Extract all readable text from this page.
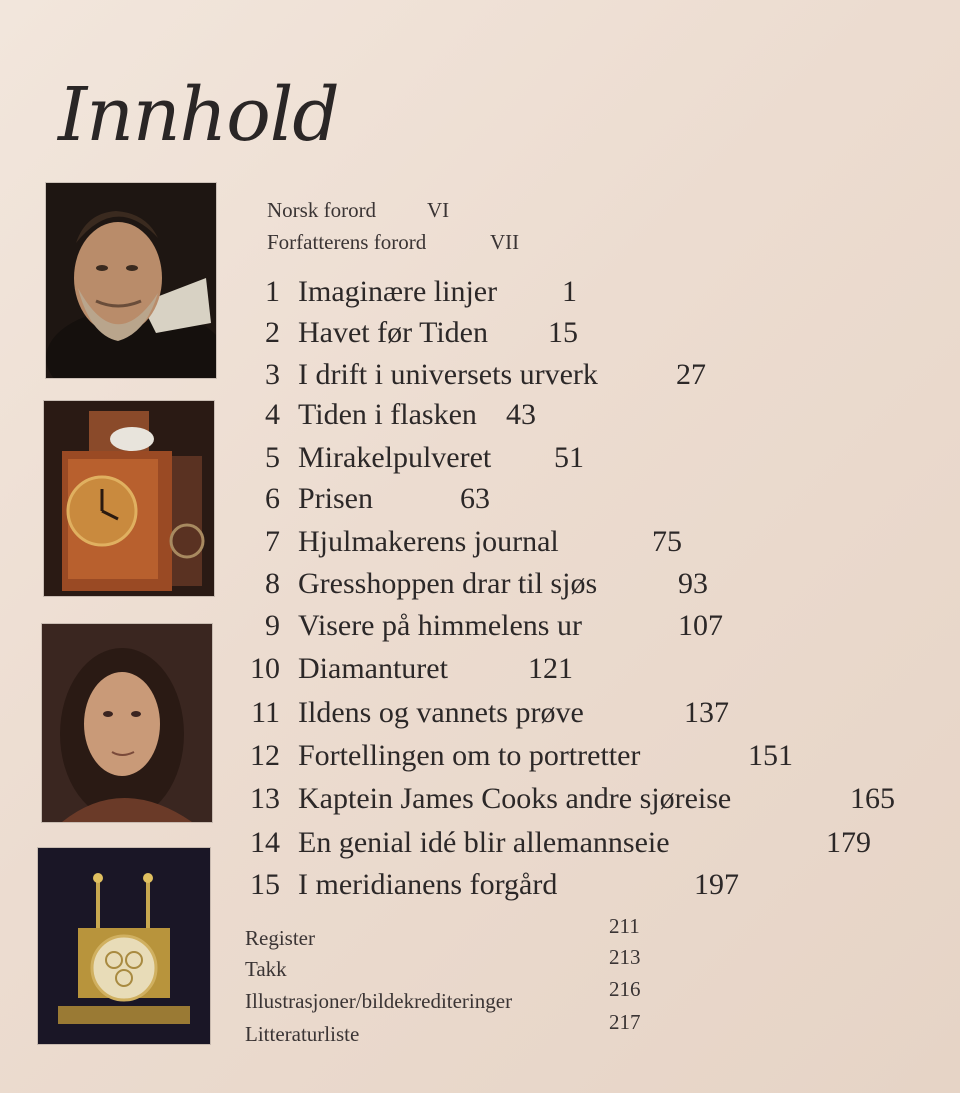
Innhold
Norsk forord VI
Forfatterens forord	VII
1 Imaginære linjer 1
2 Havet før Tiden 15
3 I drift i universets urverk	27
4 Tiden i flasken 43
5 Mirakelpulveret 51
6 Prisen	63
7 Hjulmakerens journal	75
8 Gresshoppen drar til sjøs	93
9 Visere på himmelens ur	107
10 Diamanturet	121
11 Ildens og vannets prøve	137
12 Fortellingen om to portretter	151
13 Kaptein James Cooks andre sjøreise	165
14 En genial idé blir allemannseie	179
15 I meridianens forgård	197
Register	211
Takk	213
Illustrasjoner/bildekrediteringer	216
Litteraturliste	217
